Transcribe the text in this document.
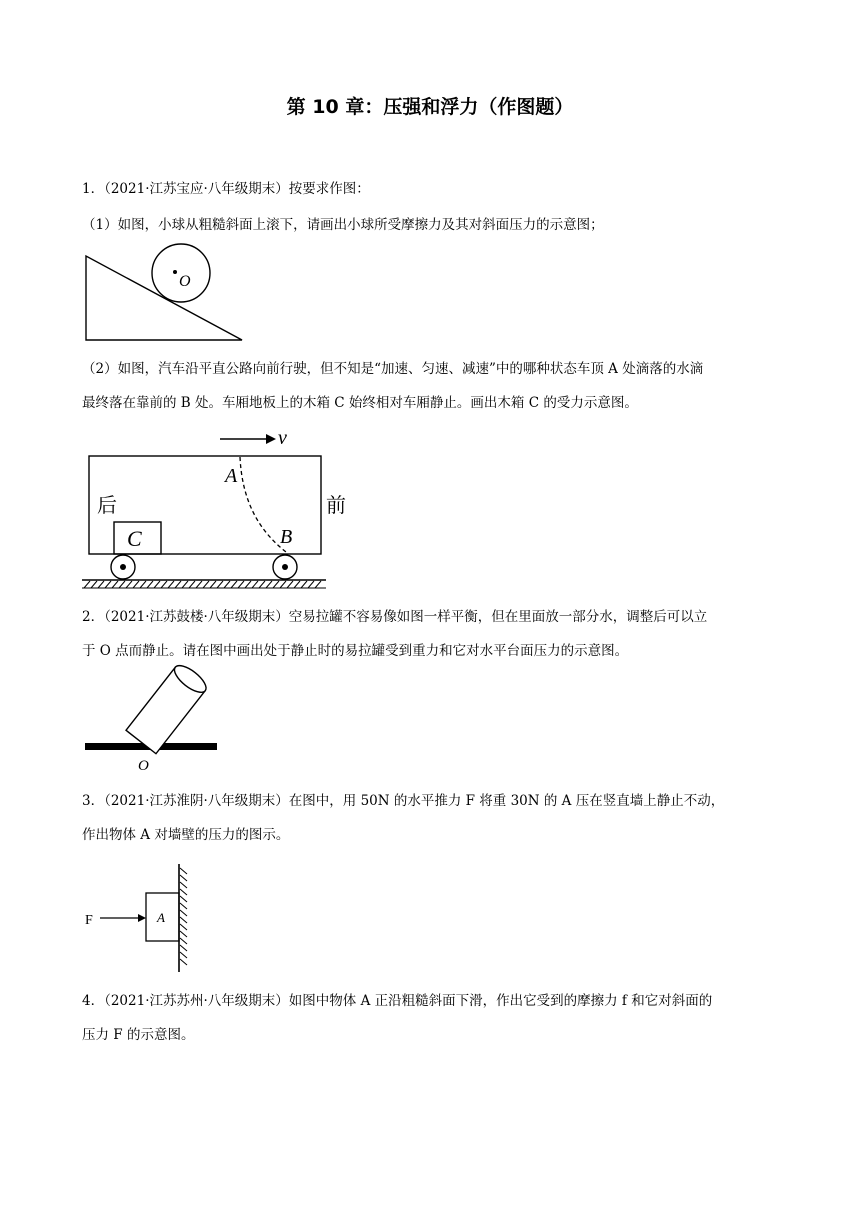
第 10 章：压强和浮力（作图题）
1．（2021·江苏宝应·八年级期末）按要求作图：
（1）如图，小球从粗糙斜面上滚下，请画出小球所受摩擦力及其对斜面压力的示意图；
O
（2）如图，汽车沿平直公路向前行驶，但不知是“加速、匀速、减速”中的哪种状态车顶 A 处滴落的水滴
最终落在靠前的 B 处。车厢地板上的木箱 C 始终相对车厢静止。画出木箱 C 的受力示意图。
v
A
B
后	前
C
2．（2021·江苏鼓楼·八年级期末）空易拉罐不容易像如图一样平衡，但在里面放一部分水，调整后可以立
于 O 点而静止。请在图中画出处于静止时的易拉罐受到重力和它对水平台面压力的示意图。
O
3．（2021·江苏淮阴·八年级期末）在图中，用 50N 的水平推力 F 将重 30N 的 A 压在竖直墙上静止不动，
作出物体 A 对墙壁的压力的图示。
F	A
4．（2021·江苏苏州·八年级期末）如图中物体 A 正沿粗糙斜面下滑，作出它受到的摩擦力 f 和它对斜面的
压力 F 的示意图。
